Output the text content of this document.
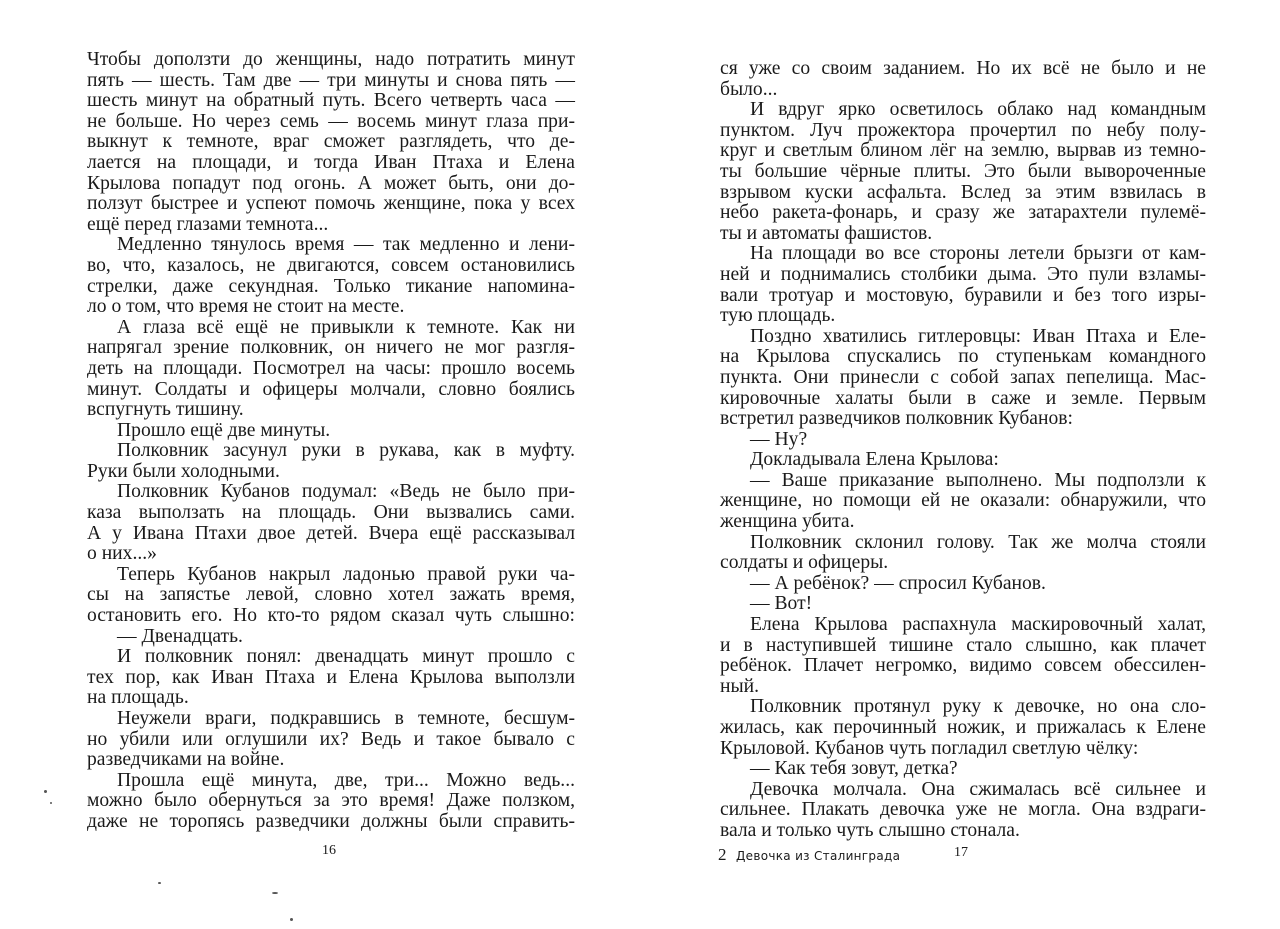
Чтобы доползти до женщины, надо потратить минут
пять — шесть. Там две — три минуты и снова пять —
шесть минут на обратный путь. Всего четверть часа —
не больше. Но через семь — восемь минут глаза при-
выкнут к темноте, враг сможет разглядеть, что де-
лается на площади, и тогда Иван Птаха и Елена
Крылова попадут под огонь. А может быть, они до-
ползут быстрее и успеют помочь женщине, пока у всех
ещё перед глазами темнота...
Медленно тянулось время — так медленно и лени-
во, что, казалось, не двигаются, совсем остановились
стрелки, даже секундная. Только тикание напомина-
ло о том, что время не стоит на месте.
А глаза всё ещё не привыкли к темноте. Как ни
напрягал зрение полковник, он ничего не мог разгля-
деть на площади. Посмотрел на часы: прошло восемь
минут. Солдаты и офицеры молчали, словно боялись
вспугнуть тишину.
Прошло ещё две минуты.
Полковник засунул руки в рукава, как в муфту.
Руки были холодными.
Полковник Кубанов подумал: «Ведь не было при-
каза выползать на площадь. Они вызвались сами.
А у Ивана Птахи двое детей. Вчера ещё рассказывал
о них...»
Теперь Кубанов накрыл ладонью правой руки ча-
сы на запястье левой, словно хотел зажать время,
остановить его. Но кто-то рядом сказал чуть слышно:
— Двенадцать.
И полковник понял: двенадцать минут прошло с
тех пор, как Иван Птаха и Елена Крылова выползли
на площадь.
Неужели враги, подкравшись в темноте, бесшум-
но убили или оглушили их? Ведь и такое бывало с
разведчиками на войне.
Прошла ещё минута, две, три... Можно ведь...
можно было обернуться за это время! Даже ползком,
даже не торопясь разведчики должны были справить-
16
ся уже со своим заданием. Но их всё не было и не
было...
И вдруг ярко осветилось облако над командным
пунктом. Луч прожектора прочертил по небу полу-
круг и светлым блином лёг на землю, вырвав из темно-
ты большие чёрные плиты. Это были вывороченные
взрывом куски асфальта. Вслед за этим взвилась в
небо ракета-фонарь, и сразу же затарахтели пулемё-
ты и автоматы фашистов.
На площади во все стороны летели брызги от кам-
ней и поднимались столбики дыма. Это пули взламы-
вали тротуар и мостовую, буравили и без того изры-
тую площадь.
Поздно хватились гитлеровцы: Иван Птаха и Еле-
на Крылова спускались по ступенькам командного
пункта. Они принесли с собой запах пепелища. Мас-
кировочные халаты были в саже и земле. Первым
встретил разведчиков полковник Кубанов:
— Ну?
Докладывала Елена Крылова:
— Ваше приказание выполнено. Мы подползли к
женщине, но помощи ей не оказали: обнаружили, что
женщина убита.
Полковник склонил голову. Так же молча стояли
солдаты и офицеры.
— А ребёнок? — спросил Кубанов.
— Вот!
Елена Крылова распахнула маскировочный халат,
и в наступившей тишине стало слышно, как плачет
ребёнок. Плачет негромко, видимо совсем обессилен-
ный.
Полковник протянул руку к девочке, но она сло-
жилась, как перочинный ножик, и прижалась к Елене
Крыловой. Кубанов чуть погладил светлую чёлку:
— Как тебя зовут, детка?
Девочка молчала. Она сжималась всё сильнее и
сильнее. Плакать девочка уже не могла. Она вздраги-
вала и только чуть слышно стонала.
2 Девочка из Сталинграда	17
